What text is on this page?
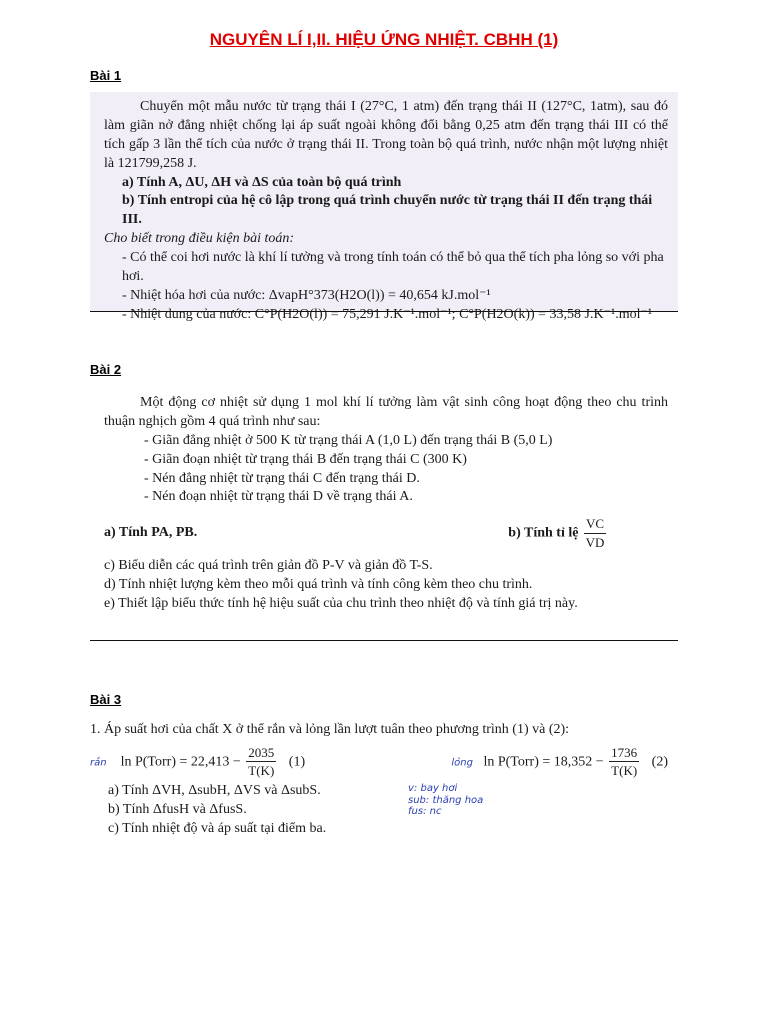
NGUYÊN LÍ I,II. HIỆU ỨNG NHIỆT. CBHH (1)
Bài 1

Chuyển một mẫu nước từ trạng thái I (27°C, 1 atm) đến trạng thái II (127°C, 1atm), sau đó làm giãn nở đẳng nhiệt chống lại áp suất ngoài không đổi bằng 0,25 atm đến trạng thái III có thể tích gấp 3 lần thể tích của nước ở trạng thái II. Trong toàn bộ quá trình, nước nhận một lượng nhiệt là 121799,258 J.

a) Tính A, ΔU, ΔH và ΔS của toàn bộ quá trình

b) Tính entropi của hệ cô lập trong quá trình chuyển nước từ trạng thái II đến trạng thái III.

Cho biết trong điều kiện bài toán:

- Có thể coi hơi nước là khí lí tưởng và trong tính toán có thể bỏ qua thể tích pha lỏng so với pha hơi.

- Nhiệt hóa hơi của nước: ΔvapH°373(H2O(l)) = 40,654 kJ.mol⁻¹

- Nhiệt dung của nước: C°P(H2O(l)) = 75,291 J.K⁻¹.mol⁻¹; C°P(H2O(k)) = 33,58 J.K⁻¹.mol⁻¹

Bài 2

Một động cơ nhiệt sử dụng 1 mol khí lí tưởng làm vật sinh công hoạt động theo chu trình thuận nghịch gồm 4 quá trình như sau:

- Giãn đẳng nhiệt ở 500 K từ trạng thái A (1,0 L) đến trạng thái B (5,0 L)

- Giãn đoạn nhiệt từ trạng thái B đến trạng thái C (300 K)

- Nén đẳng nhiệt từ trạng thái C đến trạng thái D.

- Nén đoạn nhiệt từ trạng thái D về trạng thái A.

a) Tính PA, PB.	b) Tính tỉ lệ $\frac{VC}{VD}$

c) Biểu diễn các quá trình trên giản đồ P-V và giản đồ T-S.

d) Tính nhiệt lượng kèm theo mỗi quá trình và tính công kèm theo chu trình.

e) Thiết lập biểu thức tính hệ hiệu suất của chu trình theo nhiệt độ và tính giá trị này.

Bài 3

1. Áp suất hơi của chất X ở thể rắn và lỏng lần lượt tuân theo phương trình (1) và (2):

rắn ln P(Torr) = $22,413 - \frac{2035}{T(K)} (1)$	lỏng ln P(Torr) = $18,352 - \frac{1736}{T(K)} (2)$

a) Tính ΔVH, ΔsubH, ΔVS và ΔsubS.

b) Tính ΔfusH và ΔfusS.

c) Tính nhiệt độ và áp suất tại điểm ba.

v: bay hơi
sub: thăng hoa
fus: nc
